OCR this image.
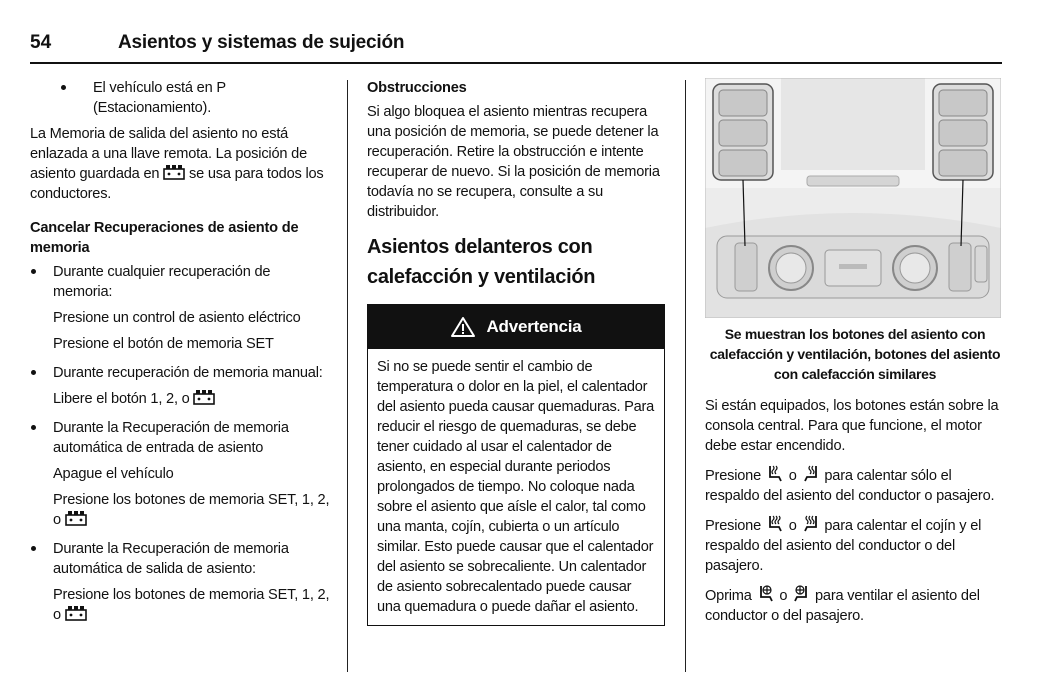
54	Asientos y sistemas de sujeción
El vehículo está en P (Estacionamiento).

La Memoria de salida del asiento no está enlazada a una llave remota. La posición de asiento guardada en se usa para todos los conductores.

Cancelar Recuperaciones de asiento de memoria
Durante cualquier recuperación de memoria:
Presione un control de asiento eléctrico
Presione el botón de memoria SET
Durante recuperación de memoria manual:
Libere el botón 1, 2, o
Durante la Recuperación de memoria automática de entrada de asiento
Apague el vehículo
Presione los botones de memoria SET, 1, 2,
o
Durante la Recuperación de memoria automática de salida de asiento:
Presione los botones de memoria SET, 1, 2,
o
Obstrucciones

Si algo bloquea el asiento mientras recupera una posición de memoria, se puede detener la recuperación. Retire la obstrucción e intente recuperar de nuevo. Si la posición de memoria todavía no se recupera, consulte a su distribuidor.

Asientos delanteros con calefacción y ventilación
Advertencia
Si no se puede sentir el cambio de temperatura o dolor en la piel, el calentador del asiento pueda causar quemaduras. Para reducir el riesgo de quemaduras, se debe tener cuidado al usar el calentador de asiento, en especial durante periodos prolongados de tiempo. No coloque nada sobre el asiento que aísle el calor, tal como una manta, cojín, cubierta o un artículo similar. Esto puede causar que el calentador del asiento se sobrecaliente. Un calentador de asiento sobrecalentado puede causar una quemadura o puede dañar el asiento.
Se muestran los botones del asiento con calefacción y ventilación, botones del asiento con calefacción similares

Si están equipados, los botones están sobre la consola central. Para que funcione, el motor debe estar encendido.

Presione o para calentar sólo el respaldo del asiento del conductor o pasajero.

Presione o para calentar el cojín y el respaldo del asiento del conductor o del pasajero.

Oprima o para ventilar el asiento del conductor o del pasajero.
